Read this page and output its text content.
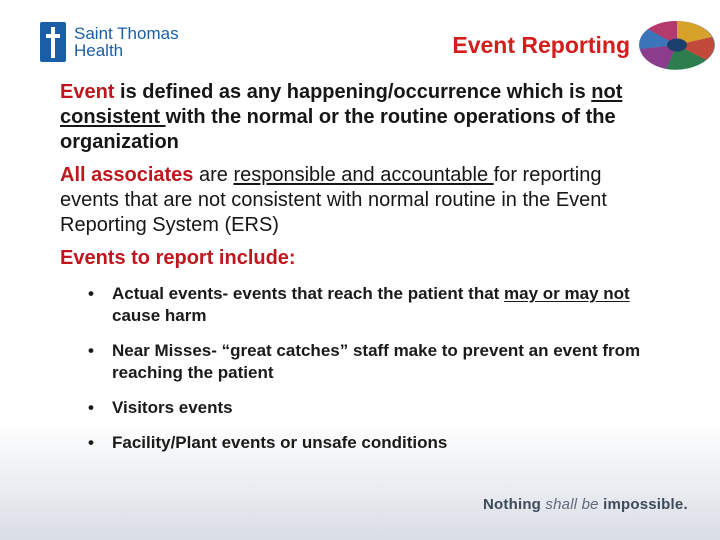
Saint Thomas
Health	Event Reporting

Event is defined as any happening/occurrence which is not consistent with the normal or the routine operations of the organization

All associates are responsible and accountable for reporting events that are not consistent with normal routine in the Event Reporting System (ERS)

Events to report include:

• Actual events- events that reach the patient that may or may not cause harm
• Near Misses- “great catches” staff make to prevent an event from reaching the patient
• Visitors events
• Facility/Plant events or unsafe conditions
Nothing shall be impossible.
